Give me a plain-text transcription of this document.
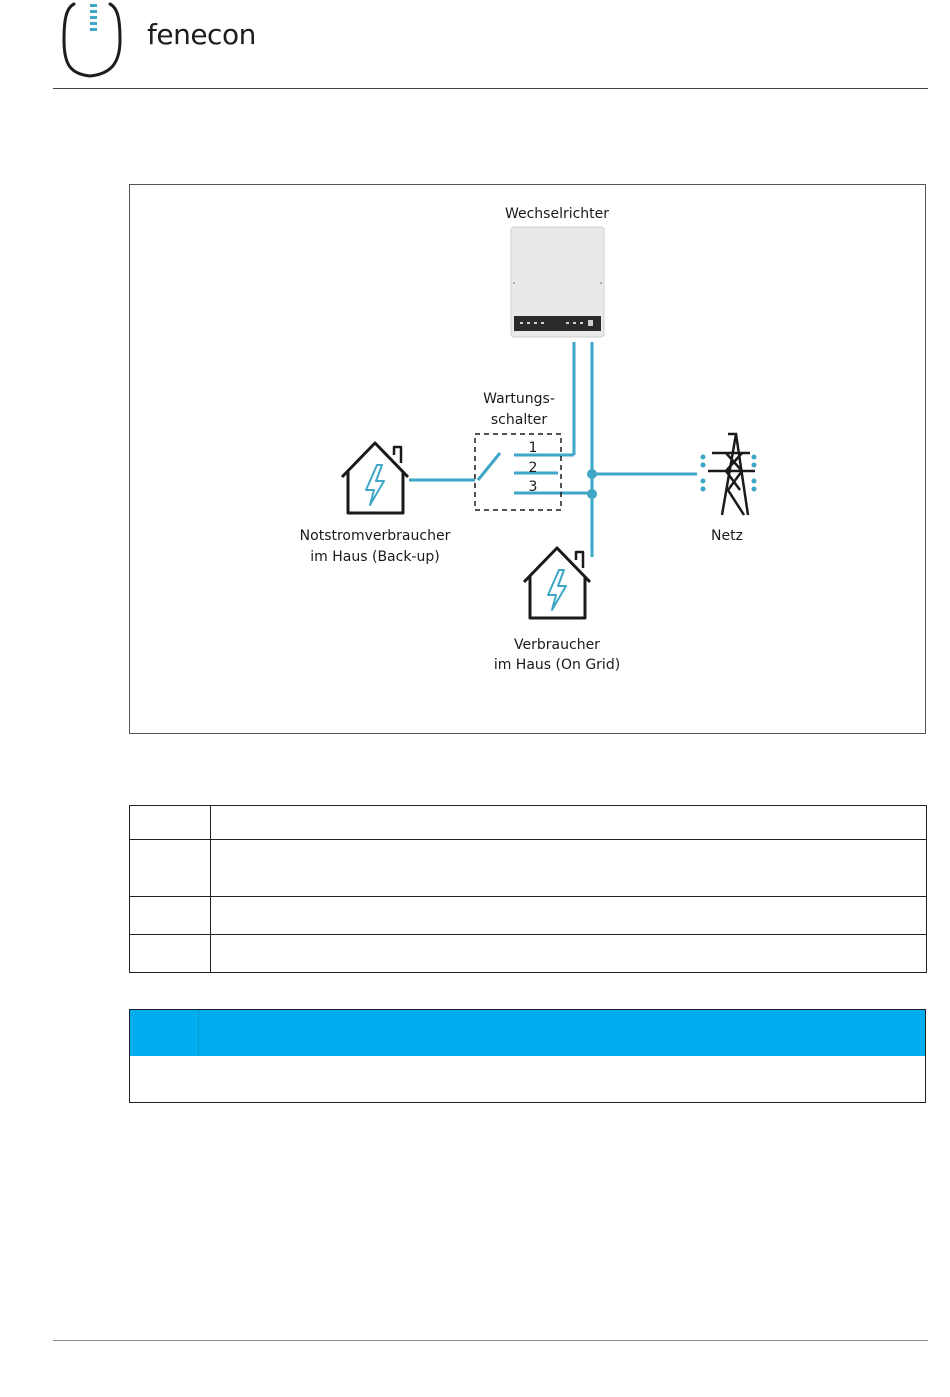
fenecon
Wechselrichter
Wartungs-
schalter
1
2
3
Notstromverbraucher
im Haus (Back-up)
Netz
Verbraucher
im Haus (On Grid)
